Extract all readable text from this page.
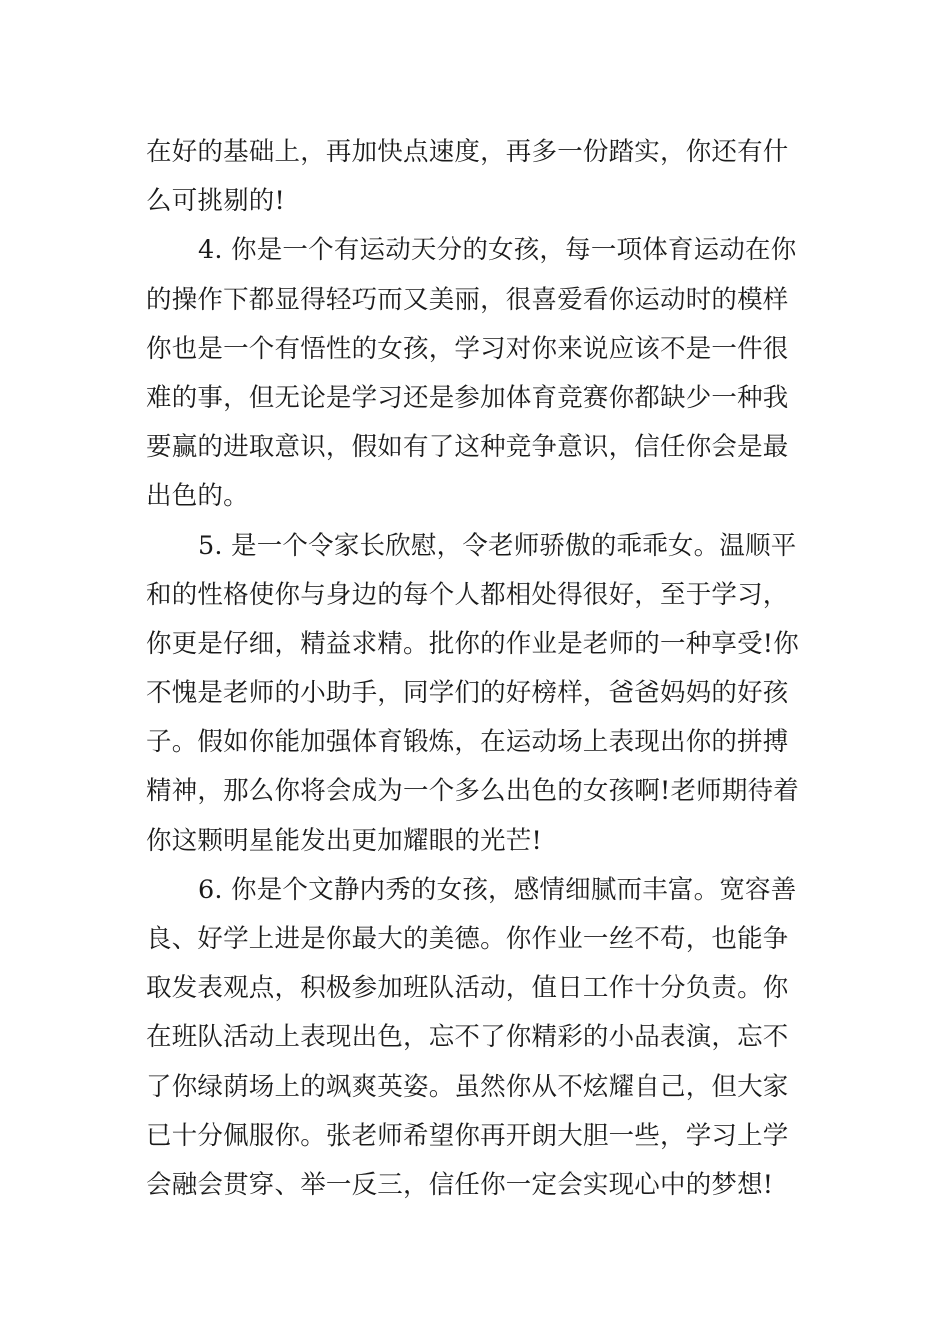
在好的基础上，再加快点速度，再多一份踏实，你还有什
么可挑剔的!
4. 你是一个有运动天分的女孩，每一项体育运动在你
的操作下都显得轻巧而又美丽，很喜爱看你运动时的模样
你也是一个有悟性的女孩，学习对你来说应该不是一件很
难的事，但无论是学习还是参加体育竞赛你都缺少一种我
要赢的进取意识，假如有了这种竞争意识，信任你会是最
出色的。
5. 是一个令家长欣慰，令老师骄傲的乖乖女。温顺平
和的性格使你与身边的每个人都相处得很好，至于学习，
你更是仔细，精益求精。批你的作业是老师的一种享受!你
不愧是老师的小助手，同学们的好榜样，爸爸妈妈的好孩
子。假如你能加强体育锻炼，在运动场上表现出你的拼搏
精神，那么你将会成为一个多么出色的女孩啊!老师期待着
你这颗明星能发出更加耀眼的光芒!
6. 你是个文静内秀的女孩，感情细腻而丰富。宽容善
良、好学上进是你最大的美德。你作业一丝不苟，也能争
取发表观点，积极参加班队活动，值日工作十分负责。你
在班队活动上表现出色，忘不了你精彩的小品表演，忘不
了你绿荫场上的飒爽英姿。虽然你从不炫耀自己，但大家
已十分佩服你。张老师希望你再开朗大胆一些，学习上学
会融会贯穿、举一反三，信任你一定会实现心中的梦想!
